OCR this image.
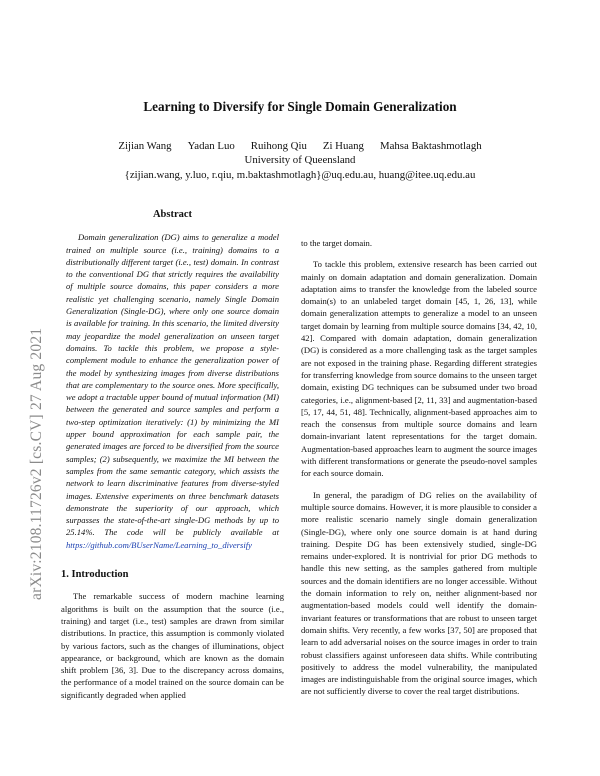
arXiv:2108.11726v2 [cs.CV] 27 Aug 2021
Learning to Diversify for Single Domain Generalization
Zijian Wang Yadan Luo Ruihong Qiu Zi Huang Mahsa Baktashmotlagh
University of Queensland
{zijian.wang, y.luo, r.qiu, m.baktashmotlagh}@uq.edu.au, huang@itee.uq.edu.au
Abstract
Domain generalization (DG) aims to generalize a model trained on multiple source (i.e., training) domains to a distributionally different target (i.e., test) domain. In contrast to the conventional DG that strictly requires the availability of multiple source domains, this paper considers a more realistic yet challenging scenario, namely Single Domain Generalization (Single-DG), where only one source domain is available for training. In this scenario, the limited diversity may jeopardize the model generalization on unseen target domains. To tackle this problem, we propose a style-complement module to enhance the generalization power of the model by synthesizing images from diverse distributions that are complementary to the source ones. More specifically, we adopt a tractable upper bound of mutual information (MI) between the generated and source samples and perform a two-step optimization iteratively: (1) by minimizing the MI upper bound approximation for each sample pair, the generated images are forced to be diversified from the source samples; (2) subsequently, we maximize the MI between the samples from the same semantic category, which assists the network to learn discriminative features from diverse-styled images. Extensive experiments on three benchmark datasets demonstrate the superiority of our approach, which surpasses the state-of-the-art single-DG methods by up to 25.14%. The code will be publicly available at https://github.com/BUserName/Learning_to_diversify
1. Introduction

The remarkable success of modern machine learning algorithms is built on the assumption that the source (i.e., training) and target (i.e., test) samples are drawn from similar distributions. In practice, this assumption is commonly violated by various factors, such as the changes of illuminations, object appearance, or background, which are known as the domain shift problem [36, 3]. Due to the discrepancy across domains, the performance of a model trained on the source domain can be significantly degraded when applied

to the target domain.

To tackle this problem, extensive research has been carried out mainly on domain adaptation and domain generalization. Domain adaptation aims to transfer the knowledge from the labeled source domain(s) to an unlabeled target domain [45, 1, 26, 13], while domain generalization attempts to generalize a model to an unseen target domain by learning from multiple source domains [34, 42, 10, 42]. Compared with domain adaptation, domain generalization (DG) is considered as a more challenging task as the target samples are not exposed in the training phase. Regarding different strategies for transferring knowledge from source domains to the unseen target domain, existing DG techniques can be subsumed under two broad categories, i.e., alignment-based [2, 11, 33] and augmentation-based [5, 17, 44, 51, 48]. Technically, alignment-based approaches aim to reach the consensus from multiple source domains and learn domain-invariant latent representations for the target domain. Augmentation-based approaches learn to augment the source images with different transformations or generate the pseudo-novel samples for each source domain.

In general, the paradigm of DG relies on the availability of multiple source domains. However, it is more plausible to consider a more realistic scenario namely single domain generalization (Single-DG), where only one source domain is at hand during training. Despite DG has been extensively studied, single-DG remains under-explored. It is nontrivial for prior DG methods to handle this new setting, as the samples gathered from multiple sources and the domain identifiers are no longer accessible. Without the domain information to rely on, neither alignment-based nor augmentation-based models could well identify the domain-invariant features or transformations that are robust to unseen target domain shifts. Very recently, a few works [37, 50] are proposed that learn to add adversarial noises on the source images in order to train robust classifiers against unforeseen data shifts. While contributing positively to address the model vulnerability, the manipulated images are indistinguishable from the original source images, which are not sufficiently diverse to cover the real target distributions.
